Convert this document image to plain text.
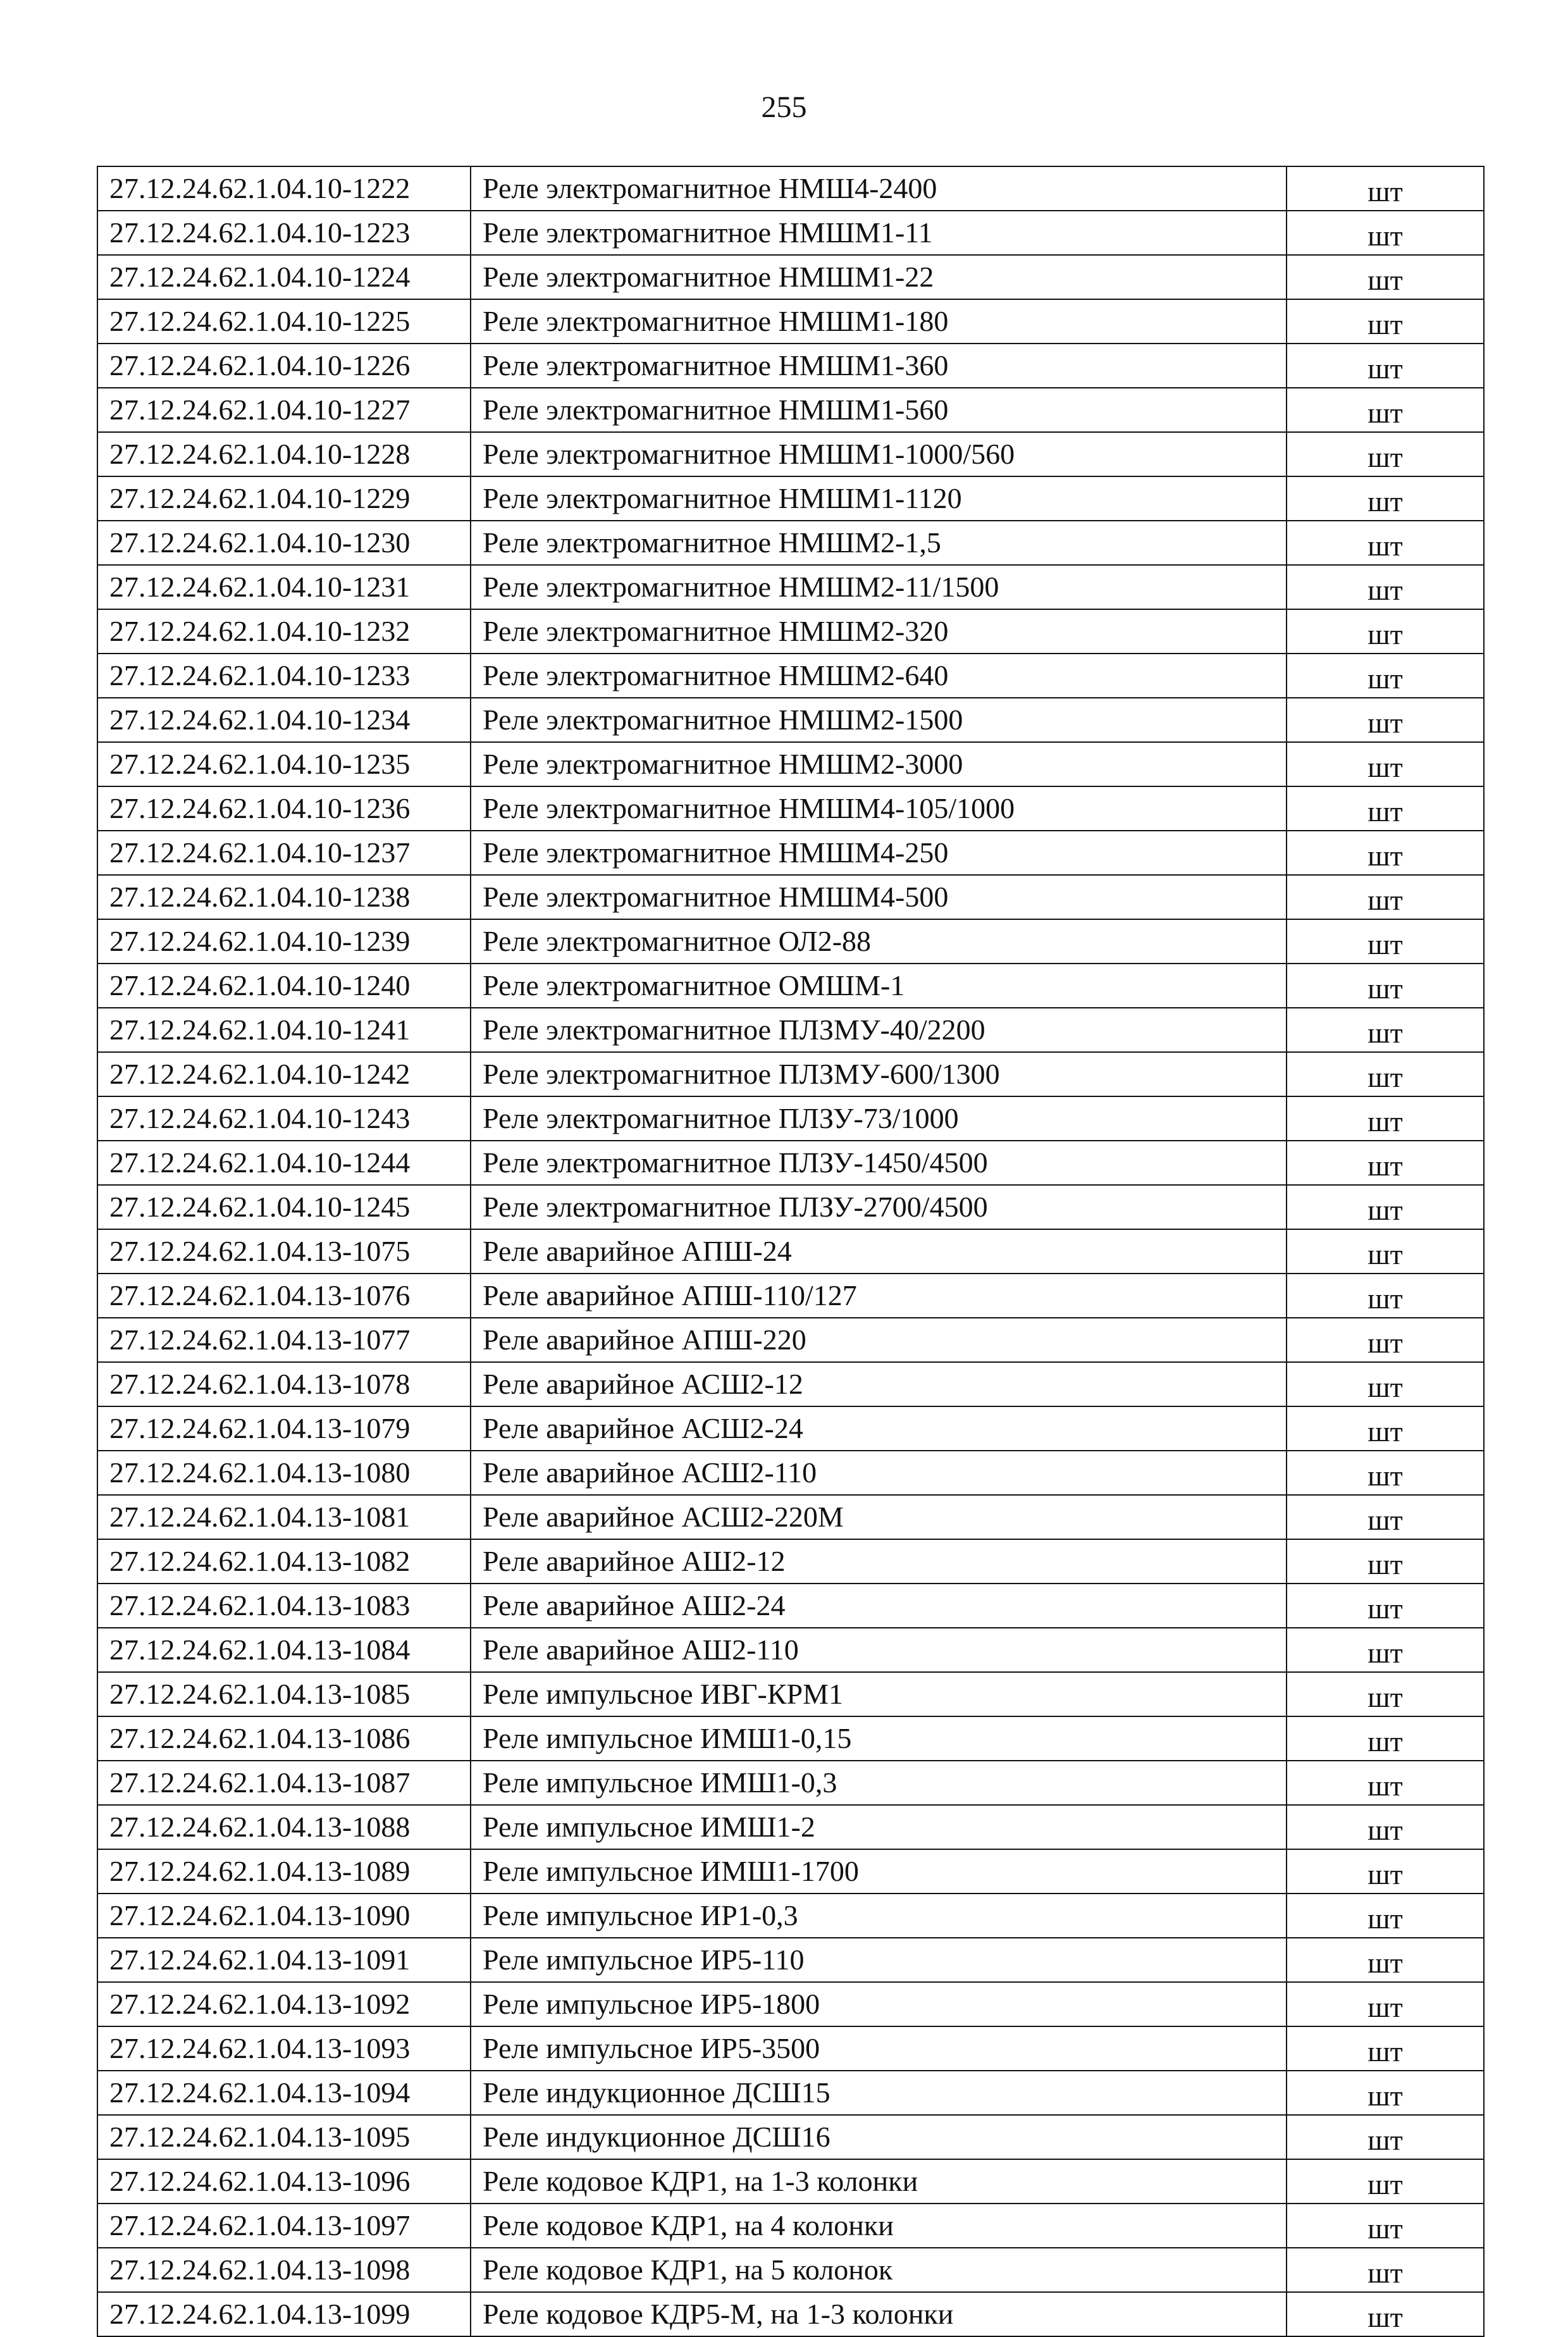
255
27.12.24.62.1.04.10-1222	Реле электромагнитное НМШ4-2400	шт
27.12.24.62.1.04.10-1223	Реле электромагнитное НМШМ1-11	шт
27.12.24.62.1.04.10-1224	Реле электромагнитное НМШМ1-22	шт
27.12.24.62.1.04.10-1225	Реле электромагнитное НМШМ1-180	шт
27.12.24.62.1.04.10-1226	Реле электромагнитное НМШМ1-360	шт
27.12.24.62.1.04.10-1227	Реле электромагнитное НМШМ1-560	шт
27.12.24.62.1.04.10-1228	Реле электромагнитное НМШМ1-1000/560	шт
27.12.24.62.1.04.10-1229	Реле электромагнитное НМШМ1-1120	шт
27.12.24.62.1.04.10-1230	Реле электромагнитное НМШМ2-1,5	шт
27.12.24.62.1.04.10-1231	Реле электромагнитное НМШМ2-11/1500	шт
27.12.24.62.1.04.10-1232	Реле электромагнитное НМШМ2-320	шт
27.12.24.62.1.04.10-1233	Реле электромагнитное НМШМ2-640	шт
27.12.24.62.1.04.10-1234	Реле электромагнитное НМШМ2-1500	шт
27.12.24.62.1.04.10-1235	Реле электромагнитное НМШМ2-3000	шт
27.12.24.62.1.04.10-1236	Реле электромагнитное НМШМ4-105/1000	шт
27.12.24.62.1.04.10-1237	Реле электромагнитное НМШМ4-250	шт
27.12.24.62.1.04.10-1238	Реле электромагнитное НМШМ4-500	шт
27.12.24.62.1.04.10-1239	Реле электромагнитное ОЛ2-88	шт
27.12.24.62.1.04.10-1240	Реле электромагнитное ОМШМ-1	шт
27.12.24.62.1.04.10-1241	Реле электромагнитное ПЛЗМУ-40/2200	шт
27.12.24.62.1.04.10-1242	Реле электромагнитное ПЛЗМУ-600/1300	шт
27.12.24.62.1.04.10-1243	Реле электромагнитное ПЛЗУ-73/1000	шт
27.12.24.62.1.04.10-1244	Реле электромагнитное ПЛЗУ-1450/4500	шт
27.12.24.62.1.04.10-1245	Реле электромагнитное ПЛЗУ-2700/4500	шт
27.12.24.62.1.04.13-1075	Реле аварийное АПШ-24	шт
27.12.24.62.1.04.13-1076	Реле аварийное АПШ-110/127	шт
27.12.24.62.1.04.13-1077	Реле аварийное АПШ-220	шт
27.12.24.62.1.04.13-1078	Реле аварийное АСШ2-12	шт
27.12.24.62.1.04.13-1079	Реле аварийное АСШ2-24	шт
27.12.24.62.1.04.13-1080	Реле аварийное АСШ2-110	шт
27.12.24.62.1.04.13-1081	Реле аварийное АСШ2-220М	шт
27.12.24.62.1.04.13-1082	Реле аварийное АШ2-12	шт
27.12.24.62.1.04.13-1083	Реле аварийное АШ2-24	шт
27.12.24.62.1.04.13-1084	Реле аварийное АШ2-110	шт
27.12.24.62.1.04.13-1085	Реле импульсное ИВГ-КРМ1	шт
27.12.24.62.1.04.13-1086	Реле импульсное ИМШ1-0,15	шт
27.12.24.62.1.04.13-1087	Реле импульсное ИМШ1-0,3	шт
27.12.24.62.1.04.13-1088	Реле импульсное ИМШ1-2	шт
27.12.24.62.1.04.13-1089	Реле импульсное ИМШ1-1700	шт
27.12.24.62.1.04.13-1090	Реле импульсное ИР1-0,3	шт
27.12.24.62.1.04.13-1091	Реле импульсное ИР5-110	шт
27.12.24.62.1.04.13-1092	Реле импульсное ИР5-1800	шт
27.12.24.62.1.04.13-1093	Реле импульсное ИР5-3500	шт
27.12.24.62.1.04.13-1094	Реле индукционное ДСШ15	шт
27.12.24.62.1.04.13-1095	Реле индукционное ДСШ16	шт
27.12.24.62.1.04.13-1096	Реле кодовое КДР1, на 1-3 колонки	шт
27.12.24.62.1.04.13-1097	Реле кодовое КДР1, на 4 колонки	шт
27.12.24.62.1.04.13-1098	Реле кодовое КДР1, на 5 колонок	шт
27.12.24.62.1.04.13-1099	Реле кодовое КДР5-М, на 1-3 колонки	шт
